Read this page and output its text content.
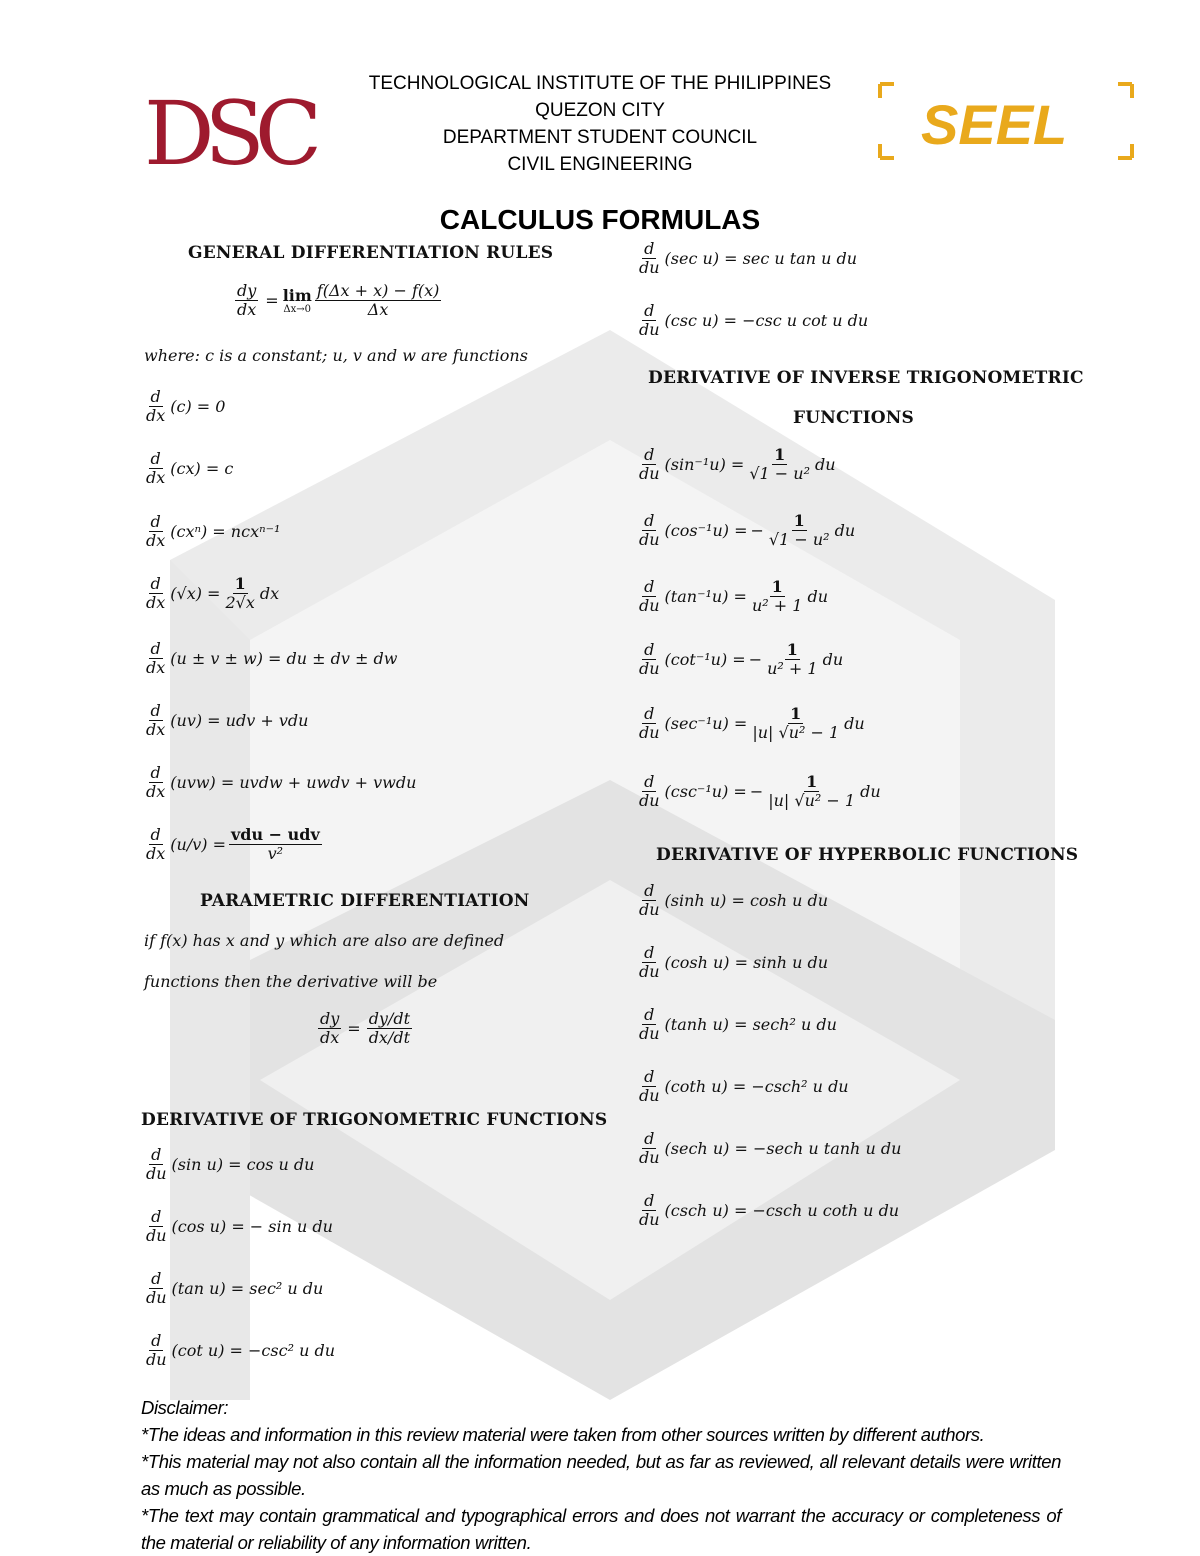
DSC	SEEL
TECHNOLOGICAL INSTITUTE OF THE PHILIPPINES
QUEZON CITY
DEPARTMENT STUDENT COUNCIL
CIVIL ENGINEERING
CALCULUS FORMULAS
GENERAL DIFFERENTIATION RULES
$\frac{dy}{dx} = \lim$
$\Delta x\to 0 \frac{f(\Delta x + x) - f(x)}{\Delta x}$
where: c is a constant; u, v and w are functions
$\frac{d}{dx} (c) = 0$
$\frac{d}{dx} (cx) = c$
$\frac{d}{dx} (cx^n) = ncx^{n-1}$
$\frac{d}{dx} (√x) = \frac{1}{2√x}$ dx
$\frac{d}{dx} (u \pm v \pm w)$ = du ± dv ± dw
$\frac{d}{dx} (uv)$ = udv + vdu
$\frac{d}{dx} (uvw)$ = uvdw + uwdv + vwdu
$\frac{d}{dx} (u/v) = \frac{\text{vdu − udv}}{\text{v²}}$
PARAMETRIC DIFFERENTIATION
if f(x) has x and y which are also are defined
functions then the derivative will be
$\frac{dy}{dx} = \frac{dy/dt}{dx/dt}$
DERIVATIVE OF TRIGONOMETRIC FUNCTIONS
$\frac{d}{du} (\sin$ u) = cos u du
$\frac{d}{du} (\cos$ u) = − sin u du
$\frac{d}{du} (\tan$ u) = sec² u du
$\frac{d}{du} (\cot$ u) = −csc² u du
$\frac{d}{du} (\sec$ u) = sec u tan u du
$\frac{d}{du} (\csc$ u) = −csc u cot u du
DERIVATIVE OF INVERSE TRIGONOMETRIC
FUNCTIONS
$\frac{d}{du} (\sin^{-1}u) = \frac{1}{\text{√1 − u²}}$ du
$\frac{d}{du} (\cos^{-1}u)$ = − $\frac{1}{\text{√1 − u²}}$ du
$\frac{d}{du} (\tan^{-1}u) = \frac{1}{\text{u² + 1}}$ du
$\frac{d}{du} (\cot^{-1}u)$ = − $\frac{1}{\text{u² + 1}}$ du
$\frac{d}{du} (\sec^{-1}u) = \frac{1}{\text{|u| √u² − 1}}$ du
$\frac{d}{du} (\csc^{-1}u)$ = − $\frac{1}{\text{|u| √u² − 1}}$ du
DERIVATIVE OF HYPERBOLIC FUNCTIONS
$\frac{d}{du} (\sinh$ u) = cosh u du
$\frac{d}{du} (\cosh$ u) = sinh u du
$\frac{d}{du} (\tanh$ u) = sech² u du
$\frac{d}{du} (\cot h$ u) = −csch² u du
$\frac{d}{du} (\sec h$ u) = −sech u tanh u du
$\frac{d}{du} (\csc h$ u) = −csch u coth u du
Disclaimer:
*The ideas and information in this review material were taken from other sources written by different authors.
*This material may not also contain all the information needed, but as far as reviewed, all relevant details were written as much as possible.
*The text may contain grammatical and typographical errors and does not warrant the accuracy or completeness of the material or reliability of any information written.
